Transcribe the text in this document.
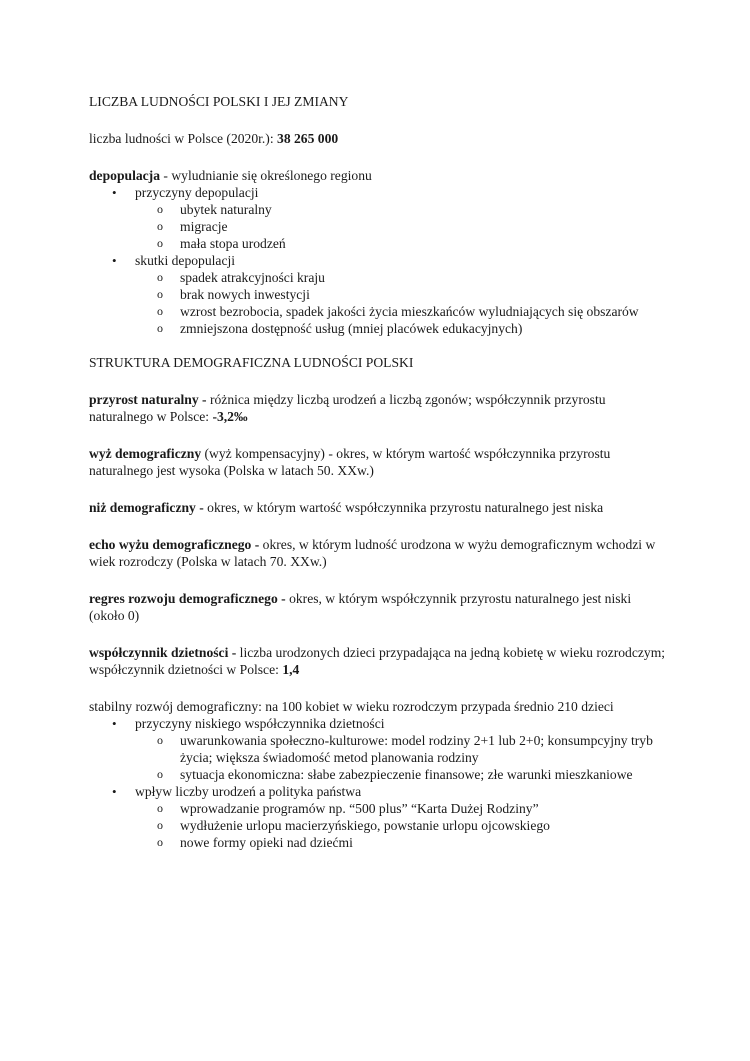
LICZBA LUDNOŚCI POLSKI I JEJ ZMIANY

liczba ludności w Polsce (2020r.): 38 265 000

depopulacja - wyludnianie się określonego regionu

• przyczyny depopulacji
o ubytek naturalny
o migracje
o mała stopa urodzeń
• skutki depopulacji
o spadek atrakcyjności kraju
o brak nowych inwestycji
o wzrost bezrobocia, spadek jakości życia mieszkańców wyludniających się obszarów
o zmniejszona dostępność usług (mniej placówek edukacyjnych)

STRUKTURA DEMOGRAFICZNA LUDNOŚCI POLSKI

przyrost naturalny - różnica między liczbą urodzeń a liczbą zgonów; współczynnik przyrostu naturalnego w Polsce: -3,2‰

wyż demograficzny (wyż kompensacyjny) - okres, w którym wartość współczynnika przyrostu naturalnego jest wysoka (Polska w latach 50. XXw.)

niż demograficzny - okres, w którym wartość współczynnika przyrostu naturalnego jest niska

echo wyżu demograficznego - okres, w którym ludność urodzona w wyżu demograficznym wchodzi w wiek rozrodczy (Polska w latach 70. XXw.)

regres rozwoju demograficznego - okres, w którym współczynnik przyrostu naturalnego jest niski (około 0)

współczynnik dzietności - liczba urodzonych dzieci przypadająca na jedną kobietę w wieku rozrodczym; współczynnik dzietności w Polsce: 1,4

stabilny rozwój demograficzny: na 100 kobiet w wieku rozrodczym przypada średnio 210 dzieci

• przyczyny niskiego współczynnika dzietności
o uwarunkowania społeczno-kulturowe: model rodziny 2+1 lub 2+0; konsumpcyjny tryb życia; większa świadomość metod planowania rodziny
o sytuacja ekonomiczna: słabe zabezpieczenie finansowe; złe warunki mieszkaniowe
• wpływ liczby urodzeń a polityka państwa
o wprowadzanie programów np. “500 plus” “Karta Dużej Rodziny”
o wydłużenie urlopu macierzyńskiego, powstanie urlopu ojcowskiego
o nowe formy opieki nad dziećmi
